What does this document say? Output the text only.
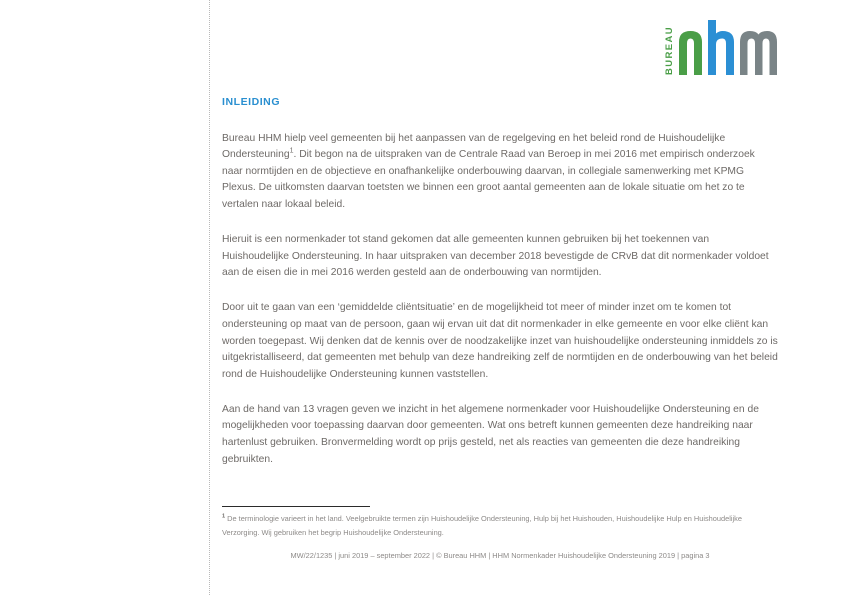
BUREAU
INLEIDING

Bureau HHM hielp veel gemeenten bij het aanpassen van de regelgeving en het beleid rond de Huishoudelijke Ondersteuning$^1$. Dit begon na de uitspraken van de Centrale Raad van Beroep in mei 2016 met empirisch onderzoek naar normtijden en de objectieve en onafhankelijke onderbouwing daarvan, in collegiale samenwerking met KPMG Plexus. De uitkomsten daarvan toetsten we binnen een groot aantal gemeenten aan de lokale situatie om het zo te vertalen naar lokaal beleid.

Hieruit is een normenkader tot stand gekomen dat alle gemeenten kunnen gebruiken bij het toekennen van Huishoudelijke Ondersteuning. In haar uitspraken van december 2018 bevestigde de CRvB dat dit normenkader voldoet aan de eisen die in mei 2016 werden gesteld aan de onderbouwing van normtijden.

Door uit te gaan van een ‘gemiddelde cliëntsituatie’ en de mogelijkheid tot meer of minder inzet om te komen tot ondersteuning op maat van de persoon, gaan wij ervan uit dat dit normenkader in elke gemeente en voor elke cliënt kan worden toegepast. Wij denken dat de kennis over de noodzakelijke inzet van huishoudelijke ondersteuning inmiddels zo is uitgekristalliseerd, dat gemeenten met behulp van deze handreiking zelf de normtijden en de onderbouwing van het beleid rond de Huishoudelijke Ondersteuning kunnen vaststellen.

Aan de hand van 13 vragen geven we inzicht in het algemene normenkader voor Huishoudelijke Ondersteuning en de mogelijkheden voor toepassing daarvan door gemeenten. Wat ons betreft kunnen gemeenten deze handreiking naar hartenlust gebruiken. Bronvermelding wordt op prijs gesteld, net als reacties van gemeenten die deze handreiking gebruikten.

$^1$ De terminologie varieert in het land. Veelgebruikte termen zijn Huishoudelijke Ondersteuning, Hulp bij het Huishouden, Huishoudelijke Hulp en Huishoudelijke Verzorging. Wij gebruiken het begrip Huishoudelijke Ondersteuning.

MW/22/1235 | juni 2019 – september 2022 | © Bureau HHM | HHM Normenkader Huishoudelijke Ondersteuning 2019 | pagina 3
